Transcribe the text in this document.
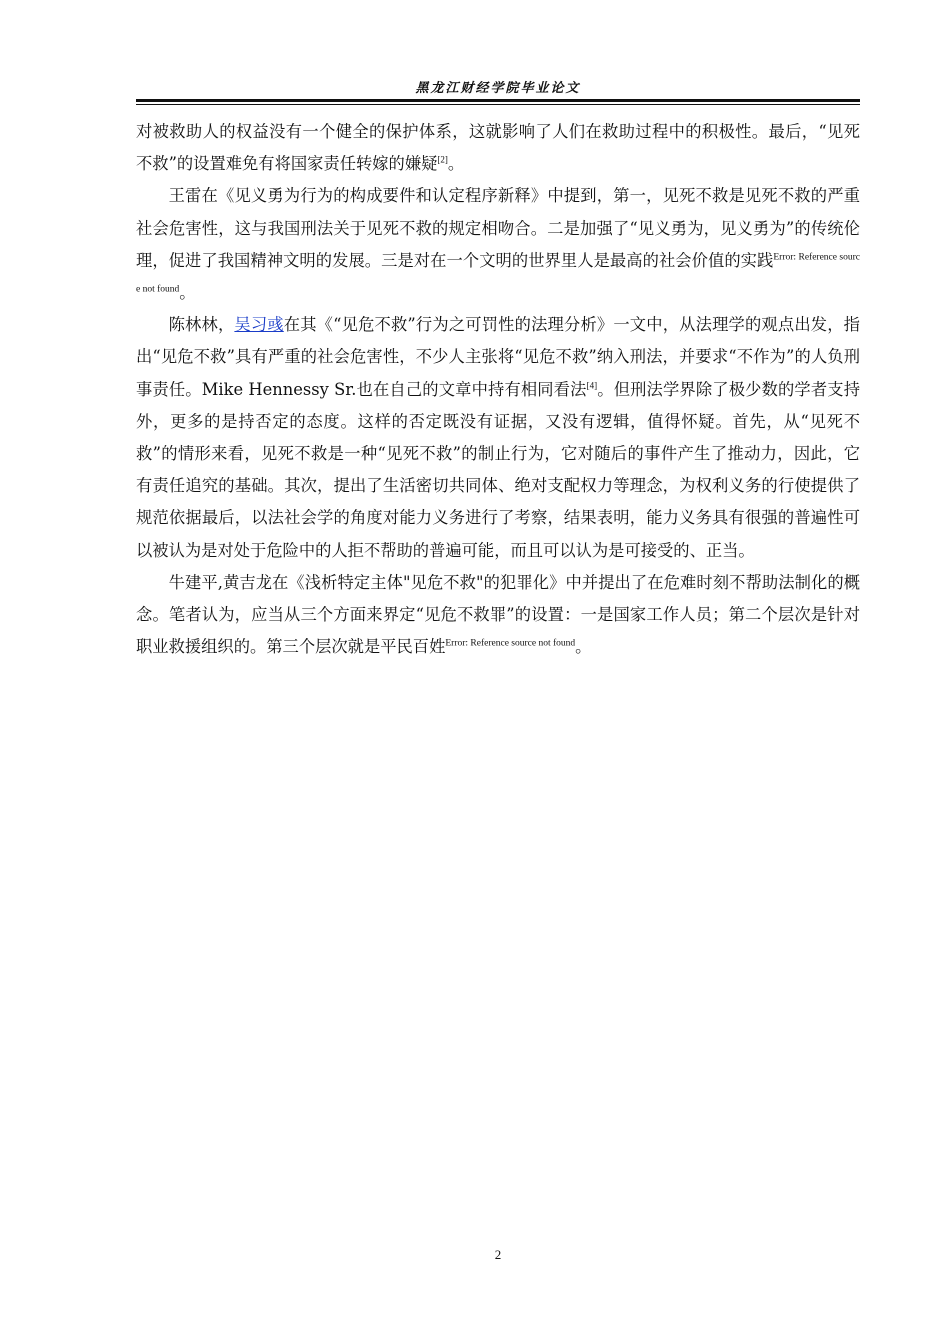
黑龙江财经学院毕业论文

对被救助人的权益没有一个健全的保护体系，这就影响了人们在救助过程中的积极性。最后，“见死不救”的设置难免有将国家责任转嫁的嫌疑[2]。

王雷在《见义勇为行为的构成要件和认定程序新释》中提到，第一，见死不救是见死不救的严重社会危害性，这与我国刑法关于见死不救的规定相吻合。二是加强了“见义勇为，见义勇为”的传统伦理，促进了我国精神文明的发展。三是对在一个文明的世界里人是最高的社会价值的实践$^{Error: Reference source not found}$。

陈林林，吴习彧在其《“见危不救”行为之可罚性的法理分析》一文中，从法理学的观点出发，指出“见危不救”具有严重的社会危害性，不少人主张将“见危不救”纳入刑法，并要求“不作为”的人负刑事责任。Mike Hennessy Sr.也在自己的文章中持有相同看法[4]。但刑法学界除了极少数的学者支持外，更多的是持否定的态度。这样的否定既没有证据，又没有逻辑，值得怀疑。首先，从“见死不救”的情形来看，见死不救是一种“见死不救”的制止行为，它对随后的事件产生了推动力，因此，它有责任追究的基础。其次，提出了生活密切共同体、绝对支配权力等理念，为权利义务的行使提供了规范依据最后，以法社会学的角度对能力义务进行了考察，结果表明，能力义务具有很强的普遍性可以被认为是对处于危险中的人拒不帮助的普遍可能，而且可以认为是可接受的、正当。

牛建平,黄吉龙在《浅析特定主体"见危不救"的犯罪化》中并提出了在危难时刻不帮助法制化的概念。笔者认为，应当从三个方面来界定“见危不救罪”的设置：一是国家工作人员；第二个层次是针对职业救援组织的。第三个层次就是平民百姓$^{Error: Reference source not found}$。

2
